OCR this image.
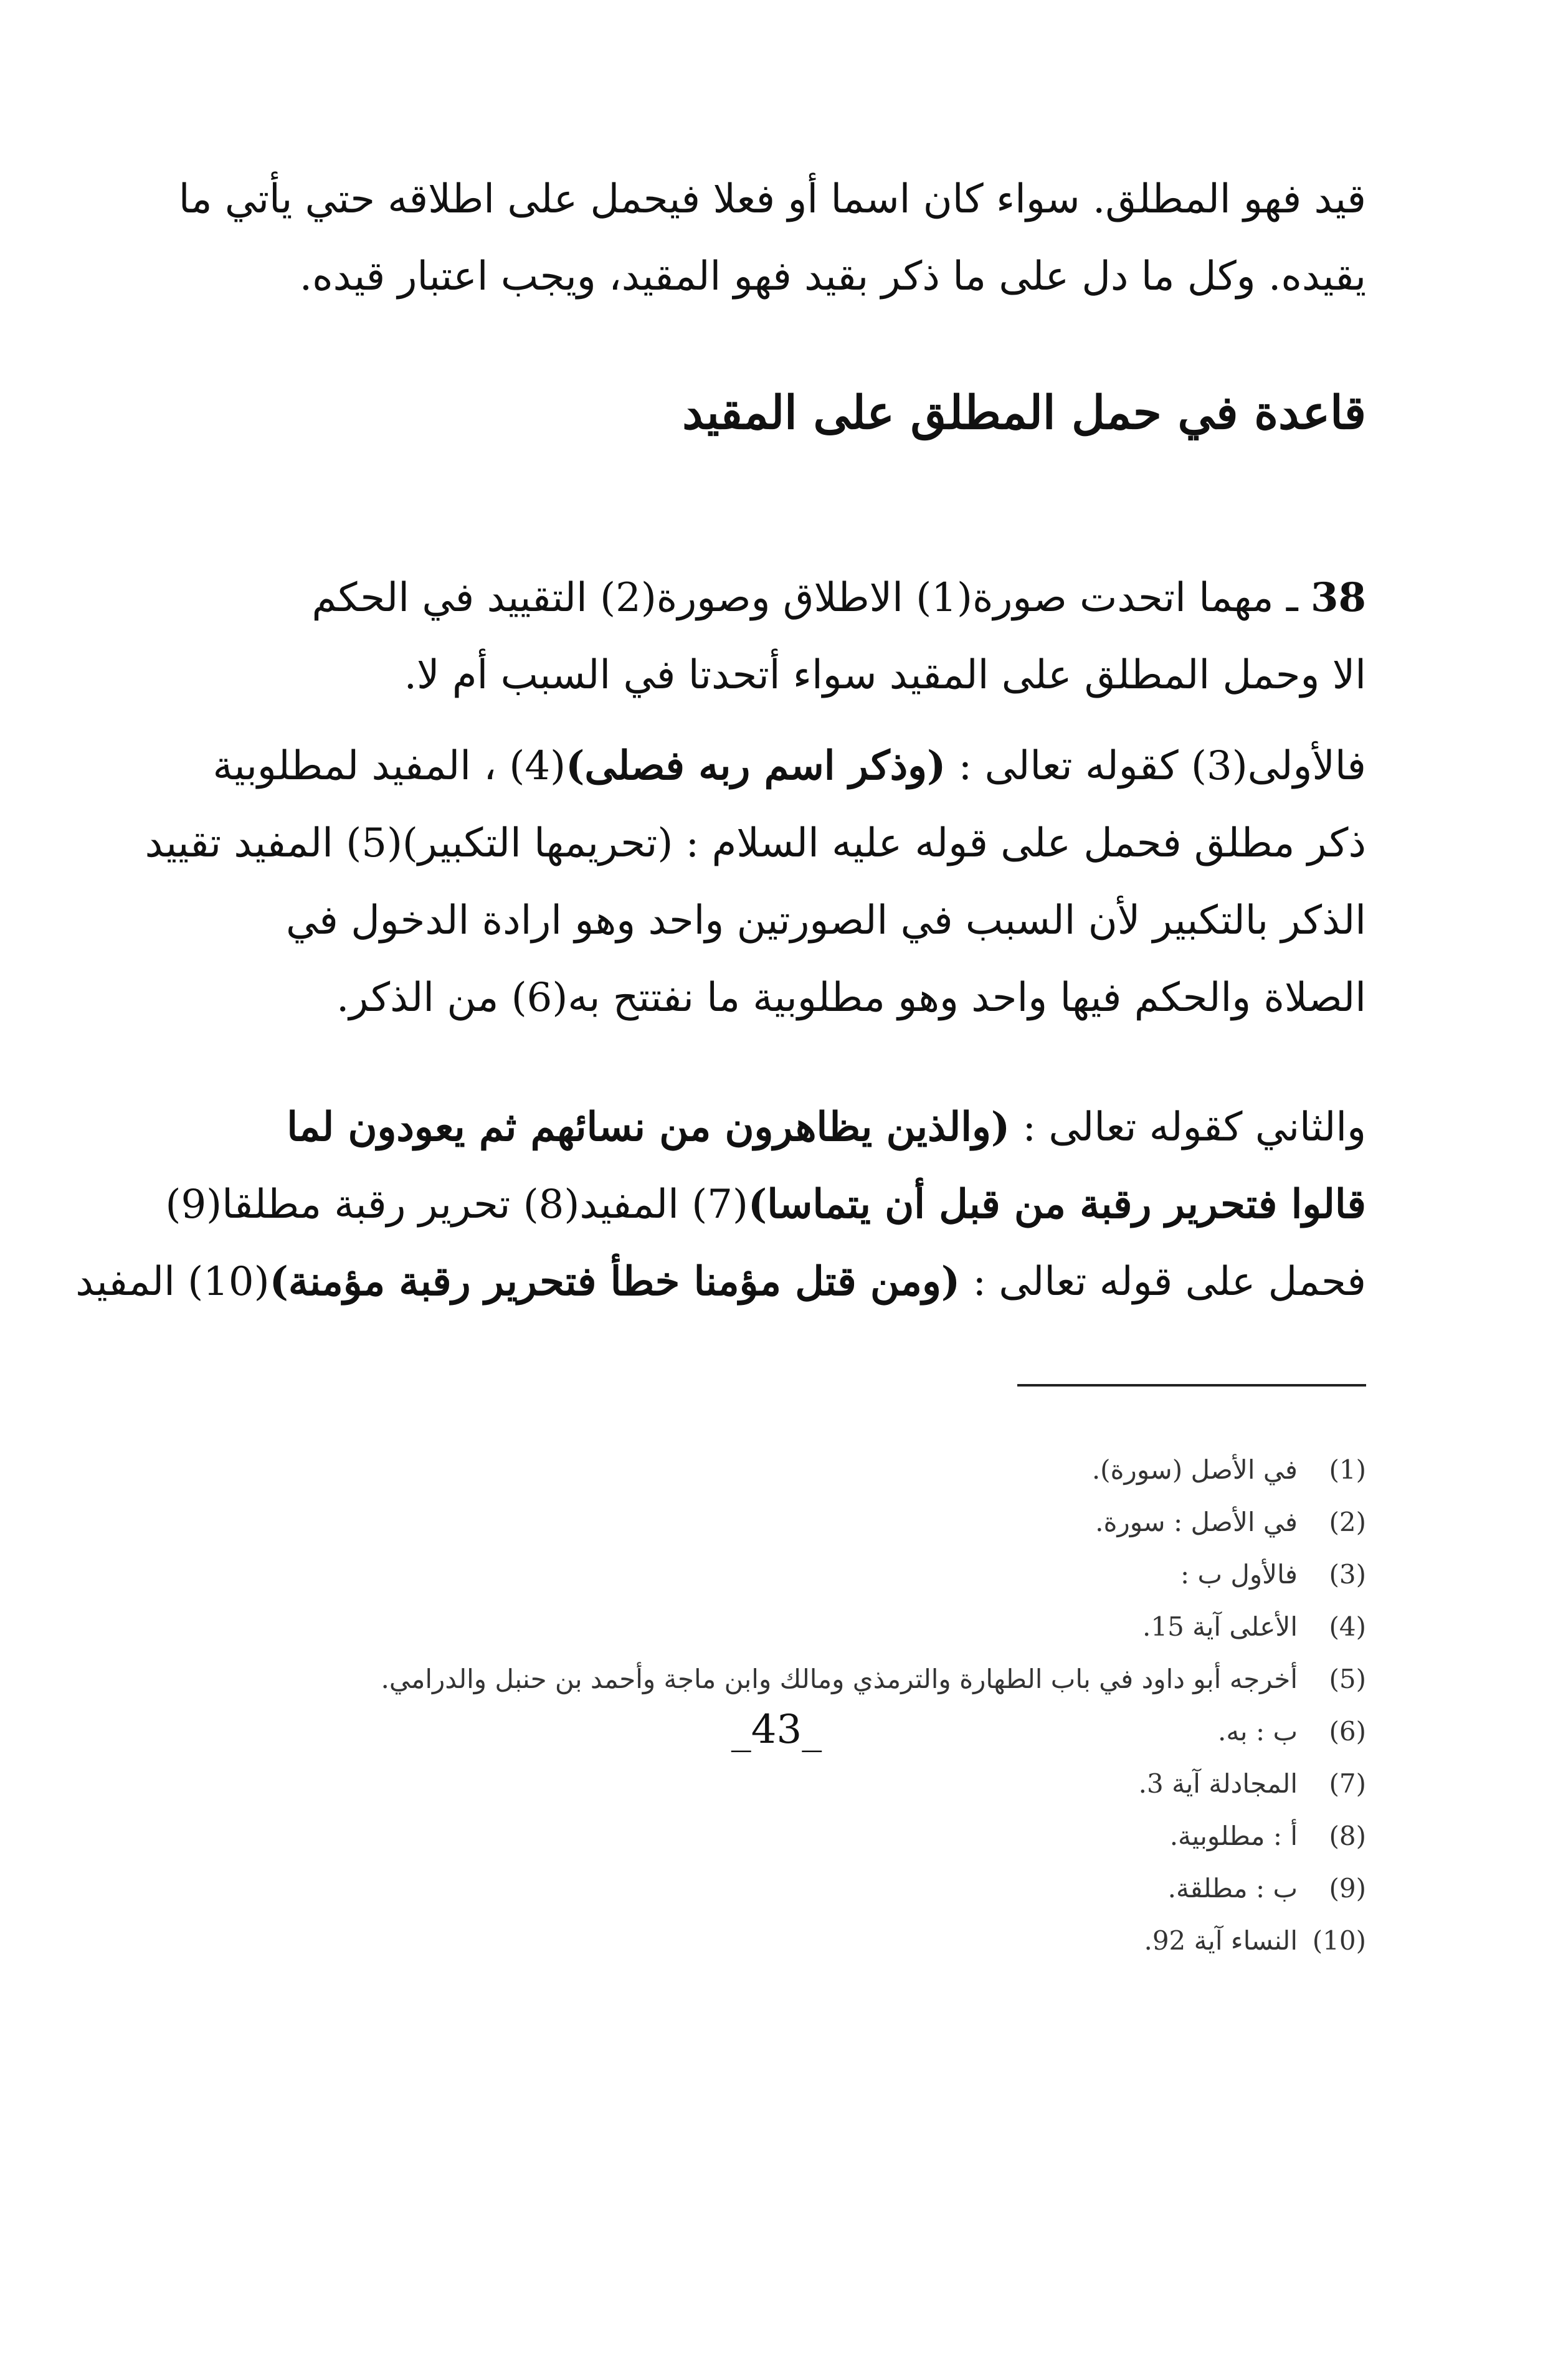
قيد فهو المطلق. سواء كان اسما أو فعلا فيحمل على اطلاقه حتي يأتي ما
يقيده. وكل ما دل على ما ذكر بقيد فهو المقيد، ويجب اعتبار قيده.
قاعدة في حمل المطلق على المقيد
38 ـ مهما اتحدت صورة(1) الاطلاق وصورة(2) التقييد في الحكم
الا وحمل المطلق على المقيد سواء أتحدتا في السبب أم لا.
فالأولى(3) كقوله تعالى : (وذكر اسم ربه فصلى)(4) ، المفيد لمطلوبية
ذكر مطلق فحمل على قوله عليه السلام : (تحريمها التكبير)(5) المفيد تقييد
الذكر بالتكبير لأن السبب في الصورتين واحد وهو ارادة الدخول في
الصلاة والحكم فيها واحد وهو مطلوبية ما نفتتح به(6) من الذكر.
والثاني كقوله تعالى : (والذين يظاهرون من نسائهم ثم يعودون لما
قالوا فتحرير رقبة من قبل أن يتماسا)(7) المفيد(8) تحرير رقبة مطلقا(9)
فحمل على قوله تعالى : (ومن قتل مؤمنا خطأ فتحرير رقبة مؤمنة)(10) المفيد
(1)في الأصل (سورة).
(2)في الأصل : سورة.
(3)فالأول ب :
(4)الأعلى آية 15.
(5)أخرجه أبو داود في باب الطهارة والترمذي ومالك وابن ماجة وأحمد بن حنبل والدرامي.
(6)ب : به.
(7)المجادلة آية 3.
(8)أ : مطلوبية.
(9)ب : مطلقة.
(10)النساء آية 92.
_43_
